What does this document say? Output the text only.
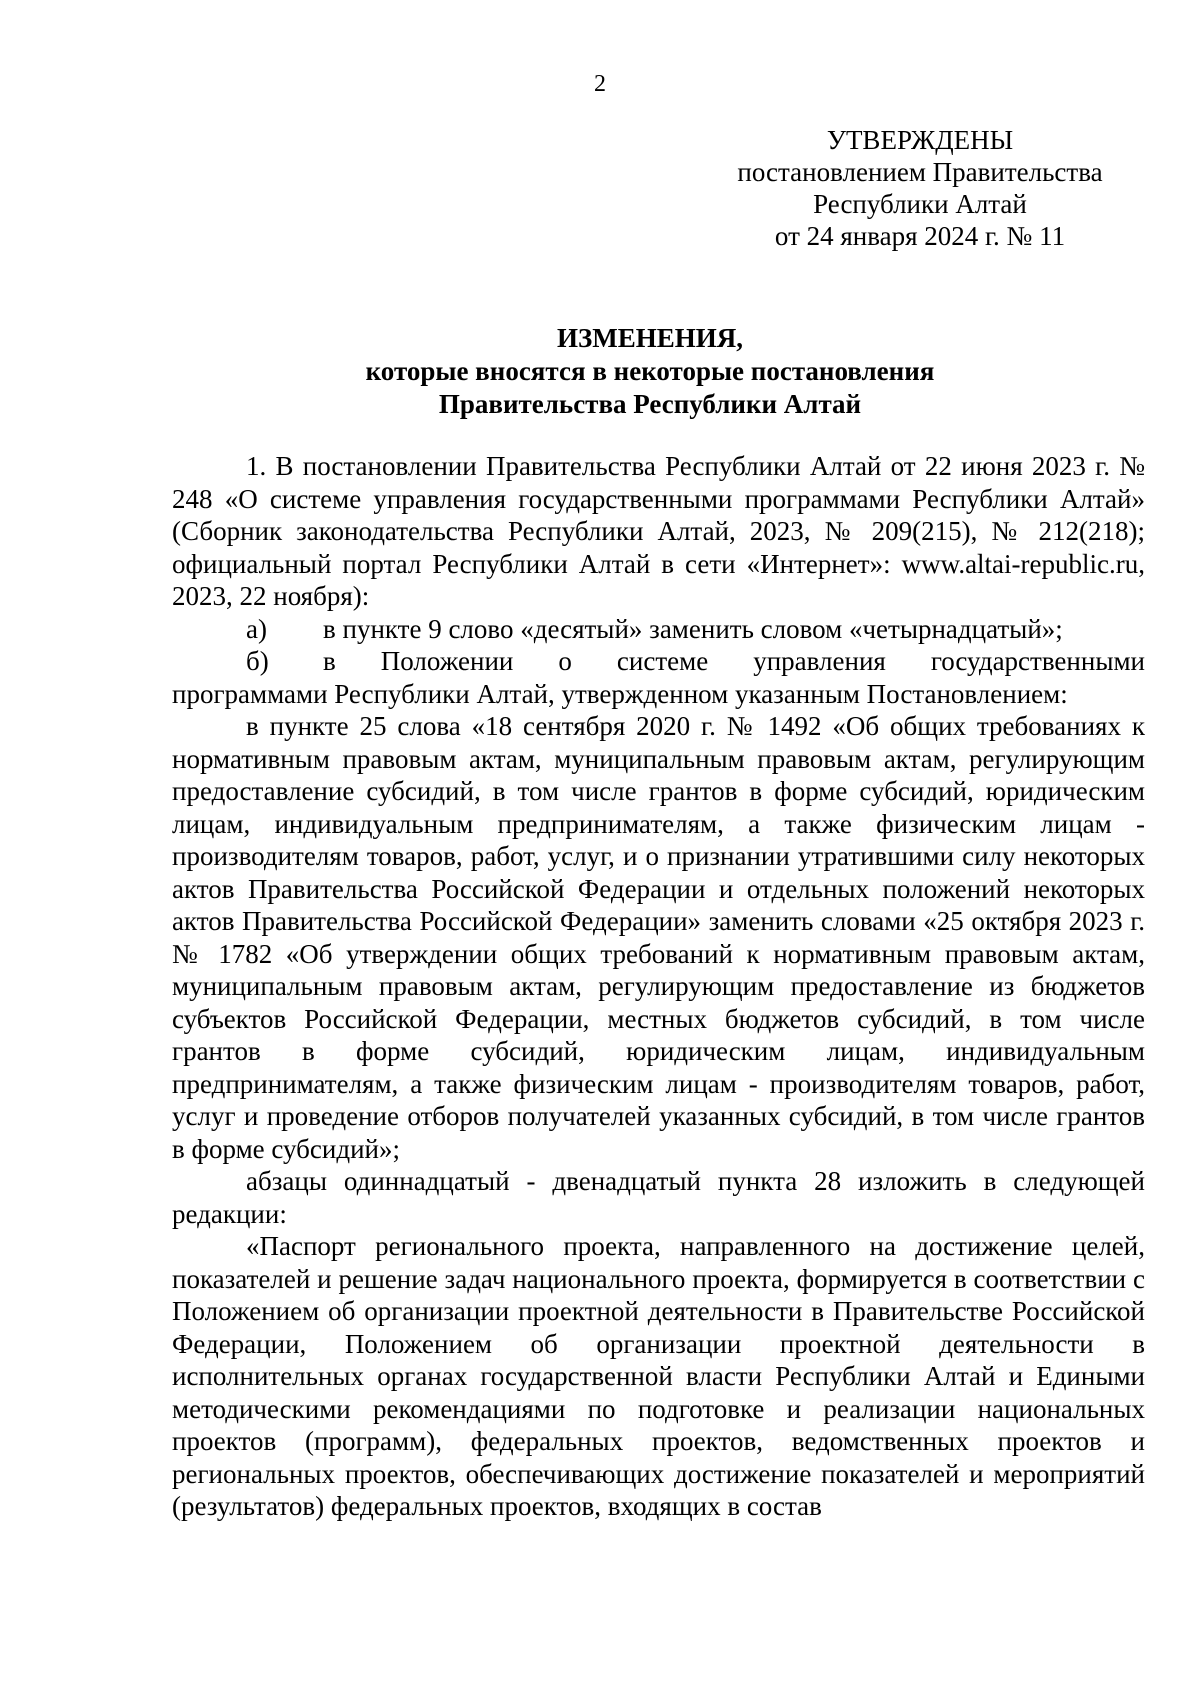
2
УТВЕРЖДЕНЫ
постановлением Правительства
Республики Алтай
от 24 января 2024 г. № 11
ИЗМЕНЕНИЯ,
которые вносятся в некоторые постановления
Правительства Республики Алтай

1. В постановлении Правительства Республики Алтай от 22 июня 2023 г. № 248 «О системе управления государственными программами Республики Алтай» (Сборник законодательства Республики Алтай, 2023, № 209(215), № 212(218); официальный портал Республики Алтай в сети «Интернет»: www.altai-republic.ru, 2023, 22 ноября):

а)	в пункте 9 слово «десятый» заменить словом «четырнадцатый»;

б)	в Положении о системе управления государственными

программами Республики Алтай, утвержденном указанным Постановлением:

в пункте 25 слова «18 сентября 2020 г. № 1492 «Об общих требованиях к нормативным правовым актам, муниципальным правовым актам, регулирующим предоставление субсидий, в том числе грантов в форме субсидий, юридическим лицам, индивидуальным предпринимателям, а также физическим лицам - производителям товаров, работ, услуг, и о признании утратившими силу некоторых актов Правительства Российской Федерации и отдельных положений некоторых актов Правительства Российской Федерации» заменить словами «25 октября 2023 г. № 1782 «Об утверждении общих требований к нормативным правовым актам, муниципальным правовым актам, регулирующим предоставление из бюджетов субъектов Российской Федерации, местных бюджетов субсидий, в том числе грантов в форме субсидий, юридическим лицам, индивидуальным предпринимателям, а также физическим лицам - производителям товаров, работ, услуг и проведение отборов получателей указанных субсидий, в том числе грантов в форме субсидий»;

абзацы одиннадцатый - двенадцатый пункта 28 изложить в следующей редакции:

«Паспорт регионального проекта, направленного на достижение целей, показателей и решение задач национального проекта, формируется в соответствии с Положением об организации проектной деятельности в Правительстве Российской Федерации, Положением об организации проектной деятельности в исполнительных органах государственной власти Республики Алтай и Едиными методическими рекомендациями по подготовке и реализации национальных проектов (программ), федеральных проектов, ведомственных проектов и региональных проектов, обеспечивающих достижение показателей и мероприятий (результатов) федеральных проектов, входящих в состав
